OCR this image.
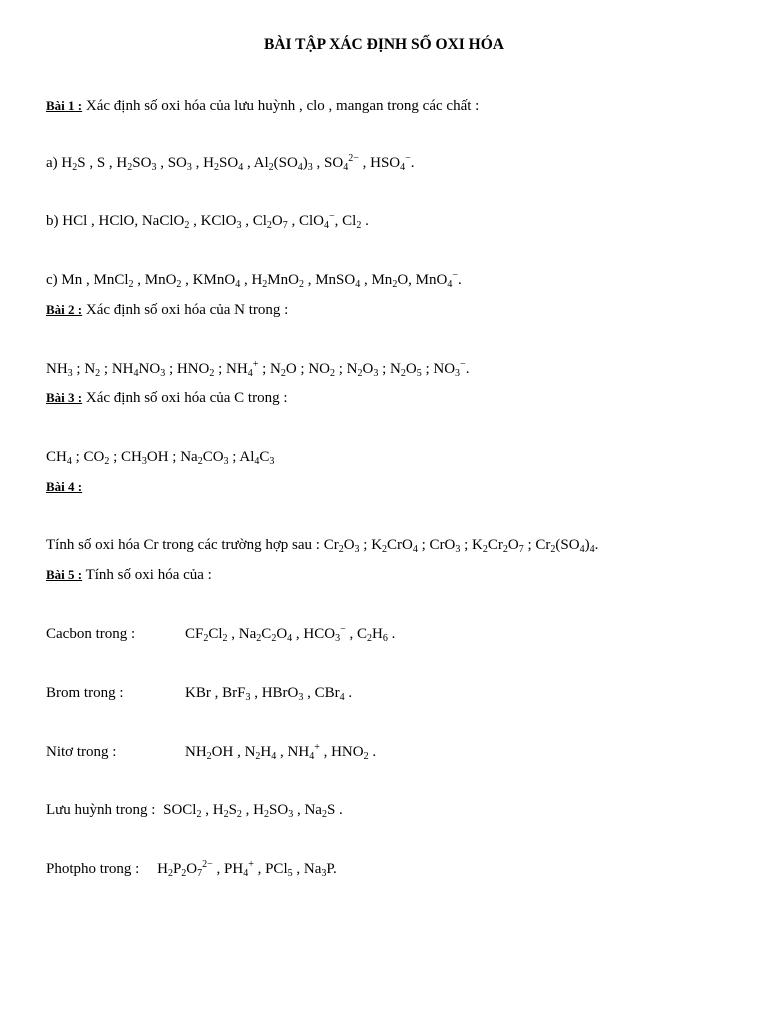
BÀI TẬP XÁC ĐỊNH SỐ OXI HÓA
Bài 1 : Xác định số oxi hóa của lưu huỳnh , clo , mangan trong các chất :
a) $H_2S$ , S , $H_2SO_3$ , $SO_3$ , $H_2SO_4$ , $Al_2(SO_4)_3$ , $SO_4^{2-}$ , $HSO_4^-$.
b) HCl , HClO, NaClO$_2$ , KClO$_3$ , $Cl_2O_7$ , ClO$_4$−, $Cl_2$ .
c) Mn , MnCl$_2$ , MnO$_2$ , KMnO$_4$ , $H_2MnO_2$ , MnSO$_4$ , $Mn_2O$, MnO$_4$−.
Bài 2 : Xác định số oxi hóa của N trong :
$NH_3$ ; $N_2$ ; $NH_4NO_3$ ; $HNO_2$ ; $NH_4^+$ ; $N_2O$ ; $NO_2$ ; $N_2O_3$ ; $N_2O_5$ ; $NO_3^-$.
Bài 3 : Xác định số oxi hóa của C trong :
$CH_4$ ; $CO_2$ ; $CH_3OH$ ; $Na_2CO_3$ ; $Al_4C_3$
Bài 4 :
Tính số oxi hóa Cr trong các trường hợp sau : $Cr_2O_3$ ; $K_2CrO_4$ ; CrO$_3$ ; $K_2Cr_2O_7$ ; $Cr_2(SO_4)_4$.
Bài 5 : Tính số oxi hóa của :
Cacbon trong :	$CF_2Cl_2$ , $Na_2C_2O_4$ , $HCO_3^-$ , $C_2H_6$ .
Brom trong :	KBr , BrF$_3$ , HBrO$_3$ , CBr$_4$ .
Nitơ trong :	$NH_2OH$ , $N_2H_4$ , $NH_4^+$ , $HNO_2$ .
Lưu huỳnh trong : SOCl$_2$ , $H_2S_2$ , $H_2SO_3$ , $Na_2S$ .
Photpho trong : $H_2P_2O_7^{2-}$ , $PH_4^+$ , PCl$_5$ , $Na_3P$.
